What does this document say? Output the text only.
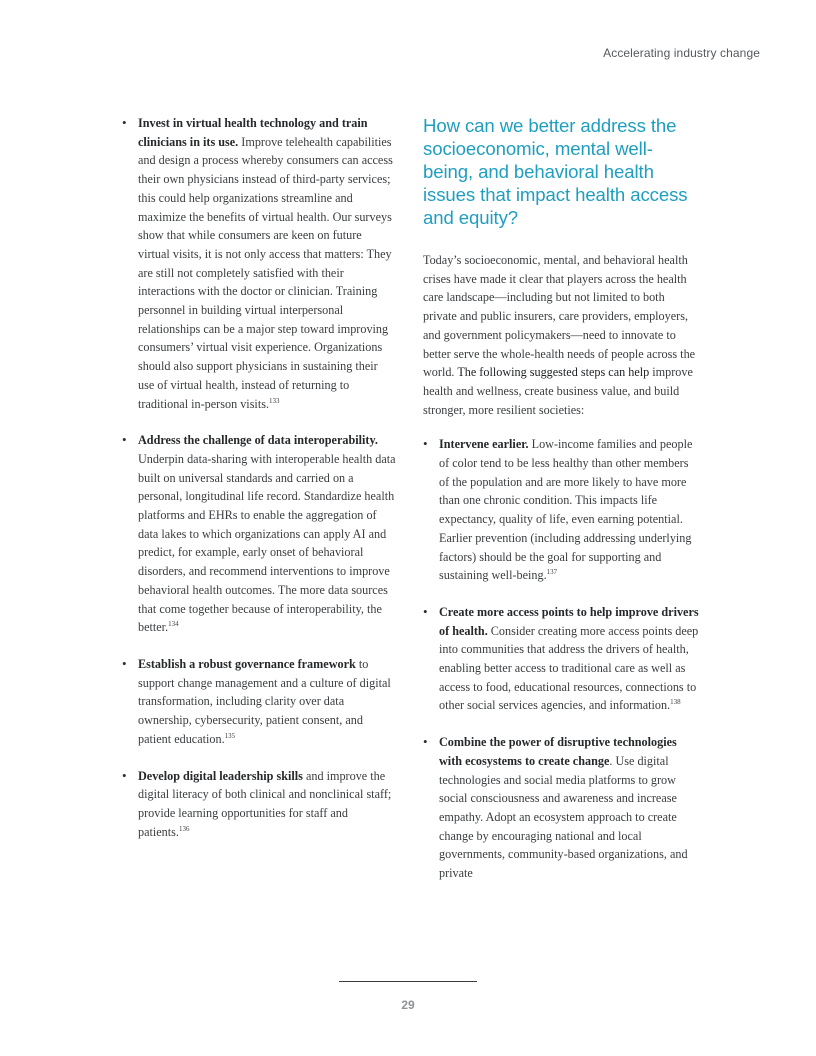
Accelerating industry change
• Invest in virtual health technology and train clinicians in its use. Improve telehealth capabilities and design a process whereby consumers can access their own physicians instead of third-party services; this could help organizations streamline and maximize the benefits of virtual health. Our surveys show that while consumers are keen on future virtual visits, it is not only access that matters: They are still not completely satisfied with their interactions with the doctor or clinician. Training personnel in building virtual interpersonal relationships can be a major step toward improving consumers’ virtual visit experience. Organizations should also support physicians in sustaining their use of virtual health, instead of returning to traditional in-person visits.$^{133}$
• Address the challenge of data interoperability. Underpin data-sharing with interoperable health data built on universal standards and carried on a personal, longitudinal life record. Standardize health platforms and EHRs to enable the aggregation of data lakes to which organizations can apply AI and predict, for example, early onset of behavioral disorders, and recommend interventions to improve behavioral health outcomes. The more data sources that come together because of interoperability, the better.$^{134}$
• Establish a robust governance framework to support change management and a culture of digital transformation, including clarity over data ownership, cybersecurity, patient consent, and patient education.$^{135}$
• Develop digital leadership skills and improve the digital literacy of both clinical and nonclinical staff; provide learning opportunities for staff and patients.$^{136}$
How can we better address the socioeconomic, mental well-being, and behavioral health issues that impact health access and equity?

Today’s socioeconomic, mental, and behavioral health crises have made it clear that players across the health care landscape—including but not limited to both private and public insurers, care providers, employers, and government policymakers—need to innovate to better serve the whole-health needs of people across the world. The following suggested steps can help improve health and wellness, create business value, and build stronger, more resilient societies:

• Intervene earlier. Low-income families and people of color tend to be less healthy than other members of the population and are more likely to have more than one chronic condition. This impacts life expectancy, quality of life, even earning potential. Earlier prevention (including addressing underlying factors) should be the goal for supporting and sustaining well-being.$^{137}$
• Create more access points to help improve drivers of health. Consider creating more access points deep into communities that address the drivers of health, enabling better access to traditional care as well as access to food, educational resources, connections to other social services agencies, and information.$^{138}$
• Combine the power of disruptive technologies with ecosystems to create change. Use digital technologies and social media platforms to grow social consciousness and awareness and increase empathy. Adopt an ecosystem approach to create change by encouraging national and local governments, community-based organizations, and private
29
